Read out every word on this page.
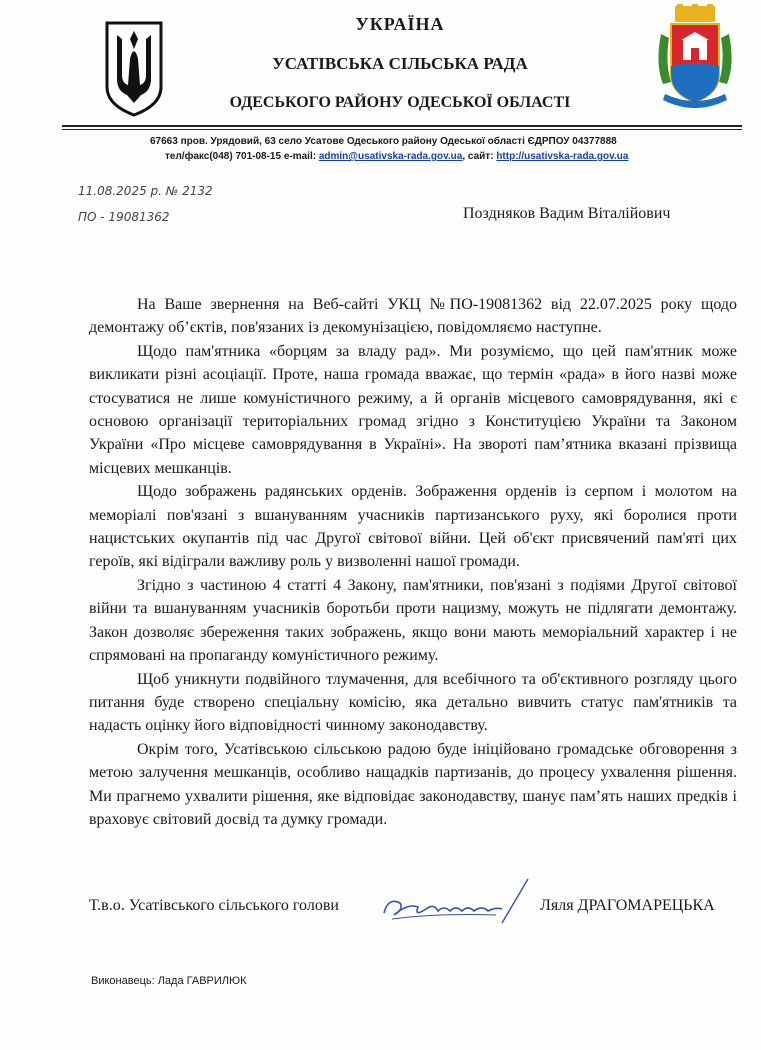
УКРАЇНА
УСАТІВСЬКА СІЛЬСЬКА РАДА
ОДЕСЬКОГО РАЙОНУ ОДЕСЬКОЇ ОБЛАСТІ
67663 пров. Урядовий, 63 село Усатове Одеського району Одеської області ЄДРПОУ 04377888
тел/факс(048) 701-08-15 e-mail: admin@usativska-rada.gov.ua, сайт: http://usativska-rada.gov.ua
11.08.2025 р. № 2132
ПО - 19081362	Поздняков Вадим Віталійович

На Ваше звернення на Веб-сайті УКЦ №ПО-19081362 від 22.07.2025 року щодо демонтажу об’єктів, пов'язаних із декомунізацією, повідомляємо наступне.

Щодо пам'ятника «борцям за владу рад». Ми розуміємо, що цей пам'ятник може викликати різні асоціації. Проте, наша громада вважає, що термін «рада» в його назві може стосуватися не лише комуністичного режиму, а й органів місцевого самоврядування, які є основою організації територіальних громад згідно з Конституцією України та Законом України «Про місцеве самоврядування в Україні». На звороті пам’ятника вказані прізвища місцевих мешканців.

Щодо зображень радянських орденів. Зображення орденів із серпом і молотом на меморіалі пов'язані з вшануванням учасників партизанського руху, які боролися проти нацистських окупантів під час Другої світової війни. Цей об'єкт присвячений пам'яті цих героїв, які відіграли важливу роль у визволенні нашої громади.

Згідно з частиною 4 статті 4 Закону, пам'ятники, пов'язані з подіями Другої світової війни та вшануванням учасників боротьби проти нацизму, можуть не підлягати демонтажу. Закон дозволяє збереження таких зображень, якщо вони мають меморіальний характер і не спрямовані на пропаганду комуністичного режиму.

Щоб уникнути подвійного тлумачення, для всебічного та об'єктивного розгляду цього питання буде створено спеціальну комісію, яка детально вивчить статус пам'ятників та надасть оцінку його відповідності чинному законодавству.

Окрім того, Усатівською сільською радою буде ініційовано громадське обговорення з метою залучення мешканців, особливо нащадків партизанів, до процесу ухвалення рішення. Ми прагнемо ухвалити рішення, яке відповідає законодавству, шанує пам’ять наших предків і враховує світовий досвід та думку громади.

Т.в.о. Усатівського сільського голови	Ляля ДРАГОМАРЕЦЬКА
Виконавець: Лада ГАВРИЛЮК
